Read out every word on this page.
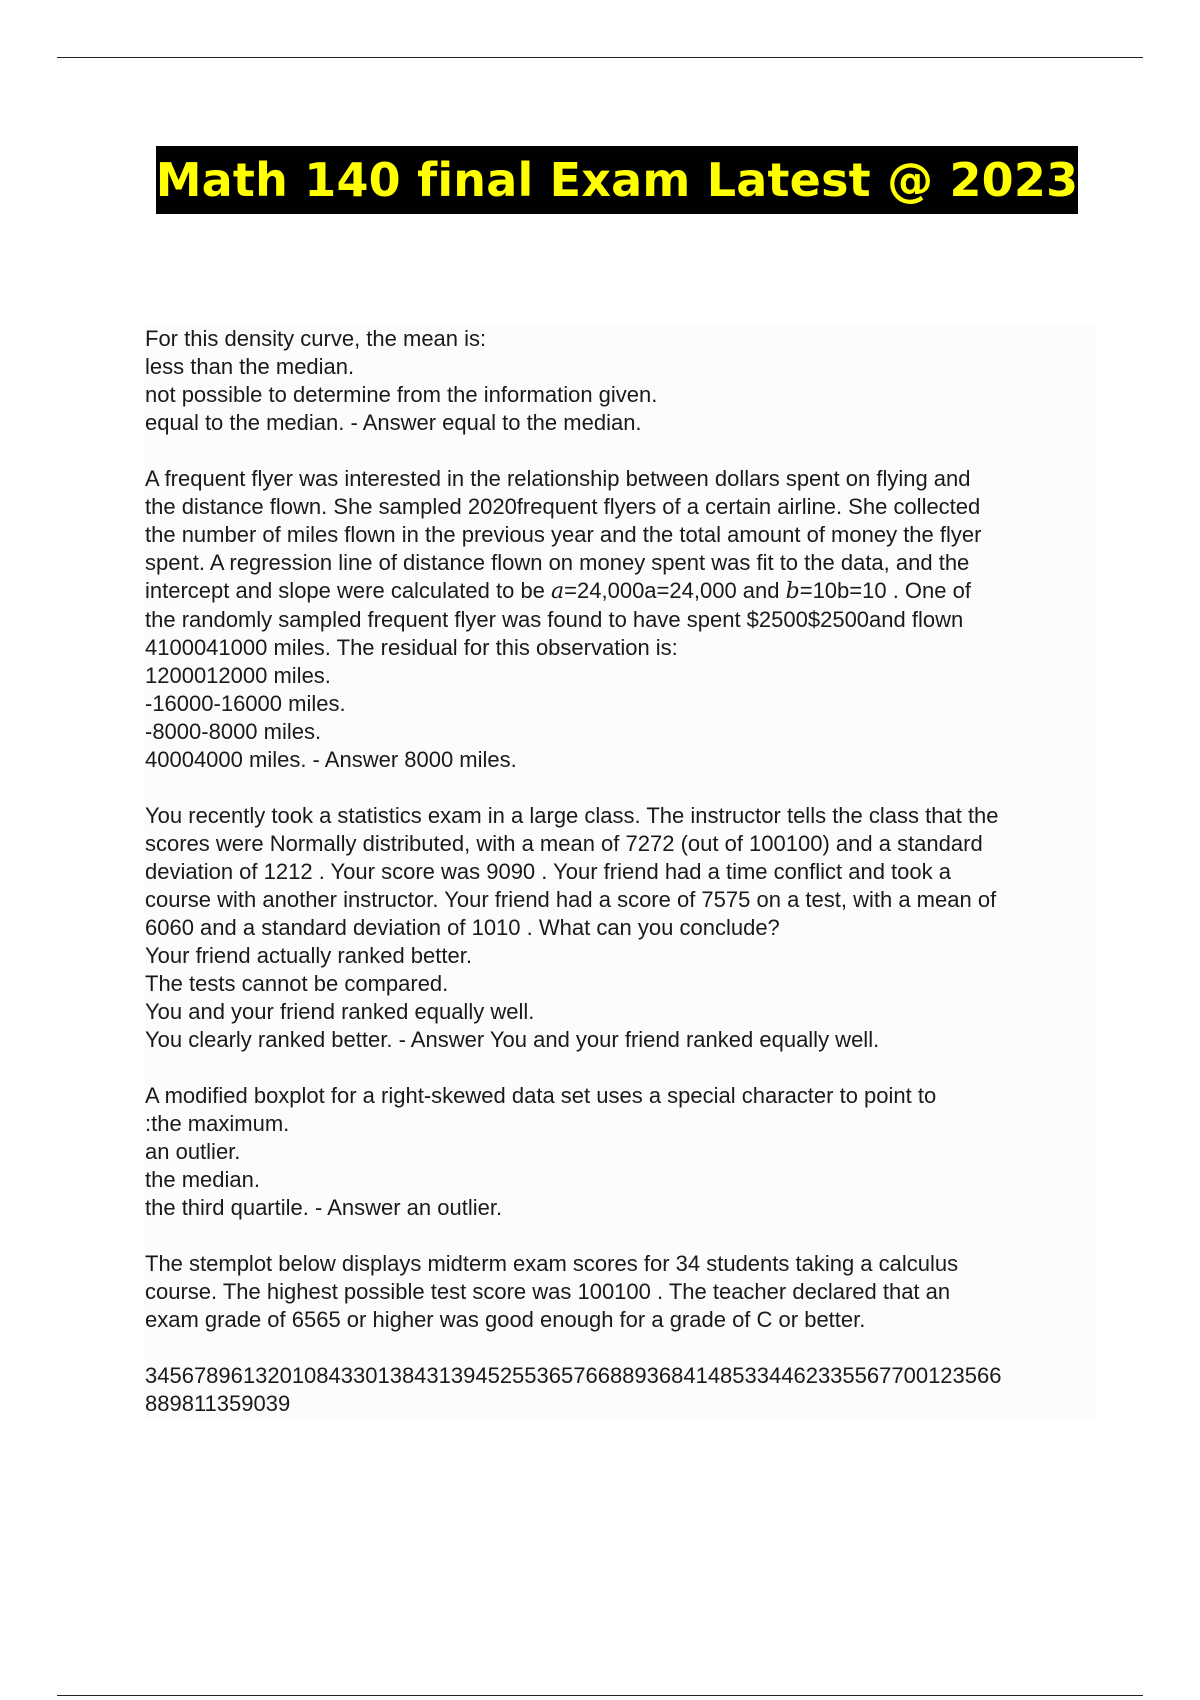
Math 140 final Exam Latest @ 2023
For this density curve, the mean is:
less than the median.
not possible to determine from the information given.
equal to the median. - Answer equal to the median.
A frequent flyer was interested in the relationship between dollars spent on flying and
the distance flown. She sampled 2020frequent flyers of a certain airline. She collected
the number of miles flown in the previous year and the total amount of money the flyer
spent. A regression line of distance flown on money spent was fit to the data, and the
intercept and slope were calculated to be a=24,000a=24,000 and b=10b=10 . One of
the randomly sampled frequent flyer was found to have spent $2500$2500and flown
4100041000 miles. The residual for this observation is:
1200012000 miles.
-16000-16000 miles.
-8000-8000 miles.
40004000 miles. - Answer 8000 miles.
You recently took a statistics exam in a large class. The instructor tells the class that the
scores were Normally distributed, with a mean of 7272 (out of 100100) and a standard
deviation of 1212 . Your score was 9090 . Your friend had a time conflict and took a
course with another instructor. Your friend had a score of 7575 on a test, with a mean of
6060 and a standard deviation of 1010 . What can you conclude?
Your friend actually ranked better.
The tests cannot be compared.
You and your friend ranked equally well.
You clearly ranked better. - Answer You and your friend ranked equally well.
A modified boxplot for a right-skewed data set uses a special character to point to
:the maximum.
an outlier.
the median.
the third quartile. - Answer an outlier.
The stemplot below displays midterm exam scores for 34 students taking a calculus
course. The highest possible test score was 100100 . The teacher declared that an
exam grade of 6565 or higher was good enough for a grade of C or better.
3456789613201084330138431394525536576688936841485334462335567700123566
889811359039
